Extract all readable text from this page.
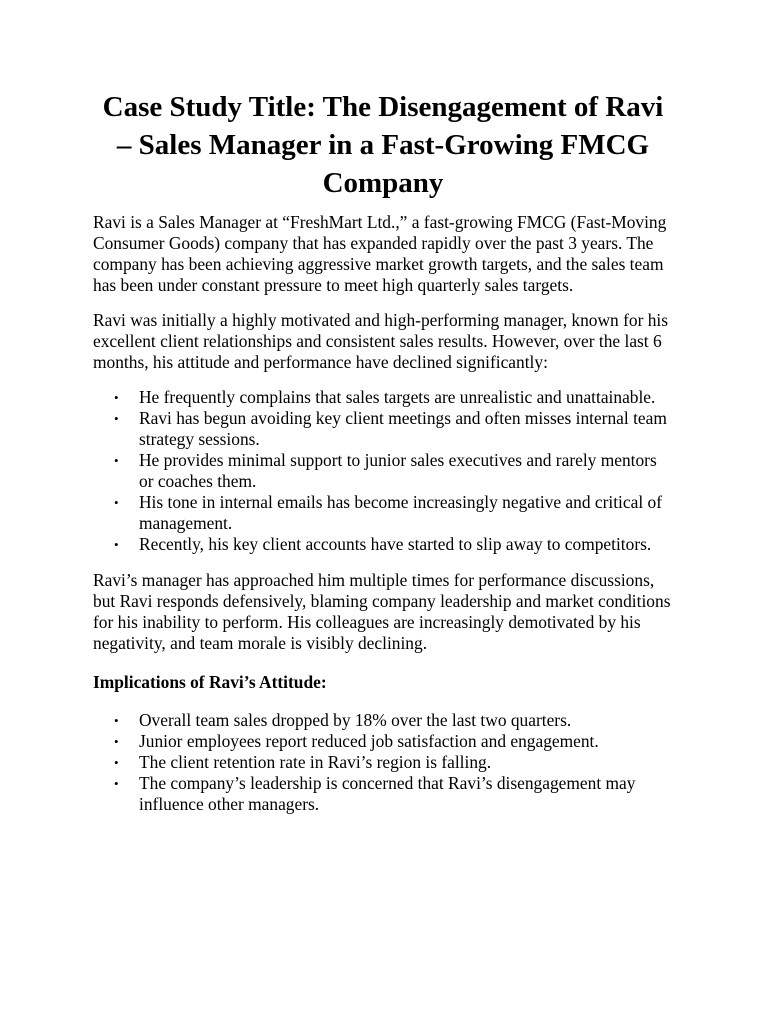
Case Study Title: The Disengagement of Ravi – Sales Manager in a Fast-Growing FMCG Company

Ravi is a Sales Manager at “FreshMart Ltd.,” a fast-growing FMCG (Fast-Moving Consumer Goods) company that has expanded rapidly over the past 3 years. The company has been achieving aggressive market growth targets, and the sales team has been under constant pressure to meet high quarterly sales targets.

Ravi was initially a highly motivated and high-performing manager, known for his excellent client relationships and consistent sales results. However, over the last 6 months, his attitude and performance have declined significantly:

• He frequently complains that sales targets are unrealistic and unattainable.
• Ravi has begun avoiding key client meetings and often misses internal team strategy sessions.
• He provides minimal support to junior sales executives and rarely mentors or coaches them.
• His tone in internal emails has become increasingly negative and critical of management.
• Recently, his key client accounts have started to slip away to competitors.

Ravi’s manager has approached him multiple times for performance discussions, but Ravi responds defensively, blaming company leadership and market conditions for his inability to perform. His colleagues are increasingly demotivated by his negativity, and team morale is visibly declining.

Implications of Ravi’s Attitude:

• Overall team sales dropped by 18% over the last two quarters.
• Junior employees report reduced job satisfaction and engagement.
• The client retention rate in Ravi’s region is falling.
• The company’s leadership is concerned that Ravi’s disengagement may influence other managers.
